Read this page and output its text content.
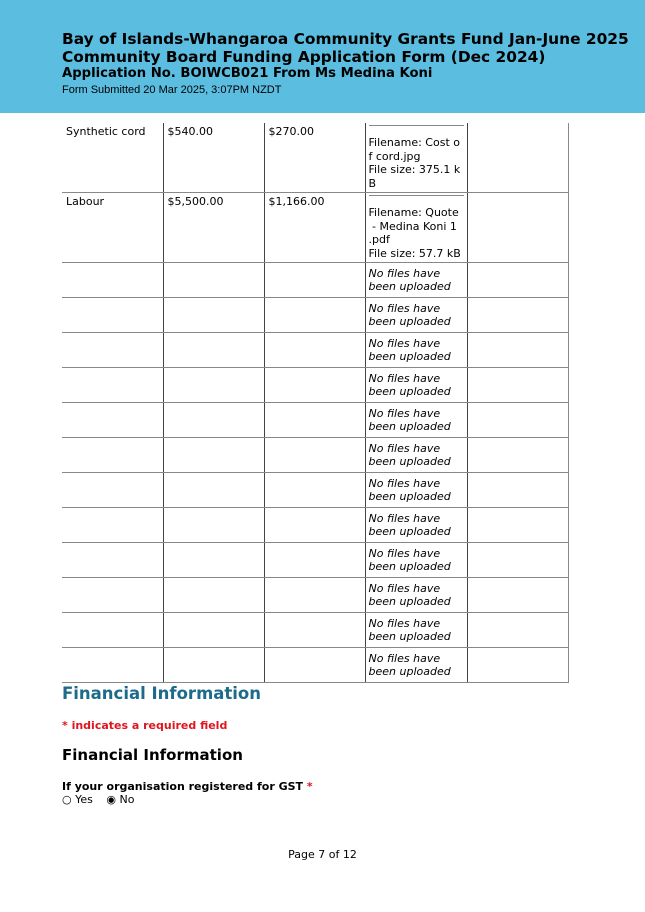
Bay of Islands-Whangaroa Community Grants Fund Jan-June 2025
Community Board Funding Application Form (Dec 2024)
Application No. BOIWCB021 From Ms Medina Koni
Form Submitted 20 Mar 2025, 3:07PM NZDT
Synthetic cord	$540.00	$270.00	Filename: Cost o
f cord.jpg
File size: 375.1 k
B	

Labour	$5,500.00	$1,166.00	Filename: Quote
- Medina Koni 1
.pdf
File size: 57.7 kB	

			No files have been uploaded	

			No files have been uploaded	

			No files have been uploaded	

			No files have been uploaded	

			No files have been uploaded	

			No files have been uploaded	

			No files have been uploaded	

			No files have been uploaded	

			No files have been uploaded	

			No files have been uploaded	

			No files have been uploaded	

			No files have been uploaded	

Financial Information
* indicates a required field
Financial Information
If your organisation registered for GST *
○ Yes ◉ No
Page 7 of 12
